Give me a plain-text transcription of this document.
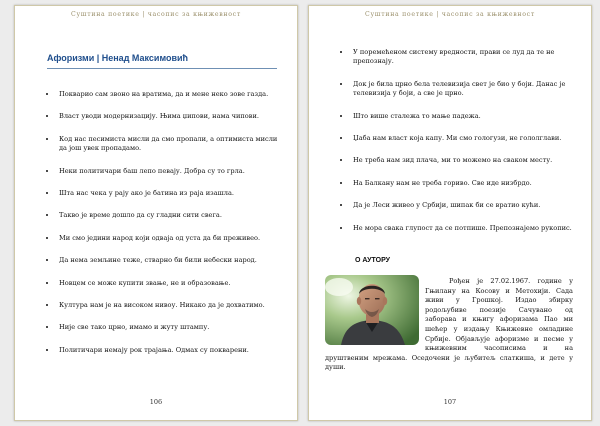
Суштина поетике | часопис за књижевност
Афоризми | Ненад Максимовић
• Покварио сам звоно на вратима, да и мене неко зове газда.
• Власт уводи модернизацију. Њима џипови, нама чипови.
• Код нас песимиста мисли да смо пропали, а оптимиста мисли да још увек пропадамо.
• Неки политичари баш лепо певају. Добра су то грла.
• Шта нас чека у рају ако је батина из раја изашла.
• Такво је време дошло да су гладни сити свега.
• Ми смо једини народ који одваја од уста да би преживео.
• Да нема земљине теже, стварно би били небески народ.
• Новцем се може купити звање, не и образовање.
• Култура нам је на високом нивоу. Никако да је дохватимо.
• Није све тако црно, имамо и жуту штампу.
• Политичари немају рок трајања. Одмах су покварени.
106
Суштина поетике | часопис за књижевност
• У поремећеном систему вредности, прави се луд да те не препознају.
• Док је била црно бела телевизија свет је био у боји. Данас је телевизија у боји, а све је црно.
• Што више сталежа то мање падежа.
• Џаба нам власт која капу. Ми смо гологузи, не гололглави.
• Не треба нам зид плача, ми то можемо на сваком месту.
• На Балкану нам не треба гориво. Све иде низбрдо.
• Да је Леси живео у Србији, шипак би се вратио кући.
• Не мора свака глупост да се потпише. Препознајемо рукопис.
О АУТОРУ
Рођен је 27.02.1967. године у Гњилану на Косову и Метохији. Сада живи у Грошкој. Издао збирку родољубиве поезије Сачувано од заборава и књигу афоризама Пао ми шећер у издању Књижевне омладине Србије. Објављује афоризме и песме у књижевним часописима и на друштвеним мрежама. Оседочени је љубитељ слаткиша, и дете у души.
107
